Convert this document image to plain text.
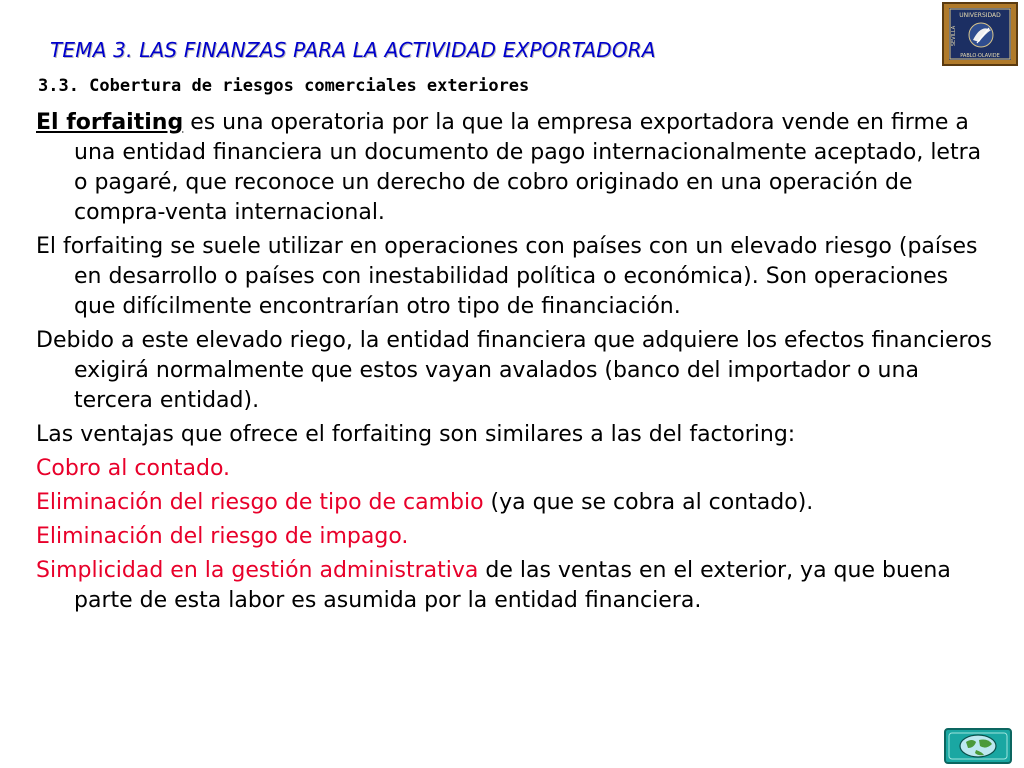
TEMA 3. LAS FINANZAS PARA LA ACTIVIDAD EXPORTADORA
3.3. Cobertura de riesgos comerciales exteriores
UNIVERSIDAD
PABLO·OLAVIDE
SEVILLA

El forfaiting es una operatoria por la que la empresa exportadora vende en firme a una entidad financiera un documento de pago internacionalmente aceptado, letra o pagaré, que reconoce un derecho de cobro originado en una operación de compra-venta internacional.

El forfaiting se suele utilizar en operaciones con países con un elevado riesgo (países en desarrollo o países con inestabilidad política o económica). Son operaciones que difícilmente encontrarían otro tipo de financiación.

Debido a este elevado riego, la entidad financiera que adquiere los efectos financieros exigirá normalmente que estos vayan avalados (banco del importador o una tercera entidad).

Las ventajas que ofrece el forfaiting son similares a las del factoring:

Cobro al contado.

Eliminación del riesgo de tipo de cambio (ya que se cobra al contado).

Eliminación del riesgo de impago.

Simplicidad en la gestión administrativa de las ventas en el exterior, ya que buena parte de esta labor es asumida por la entidad financiera.
